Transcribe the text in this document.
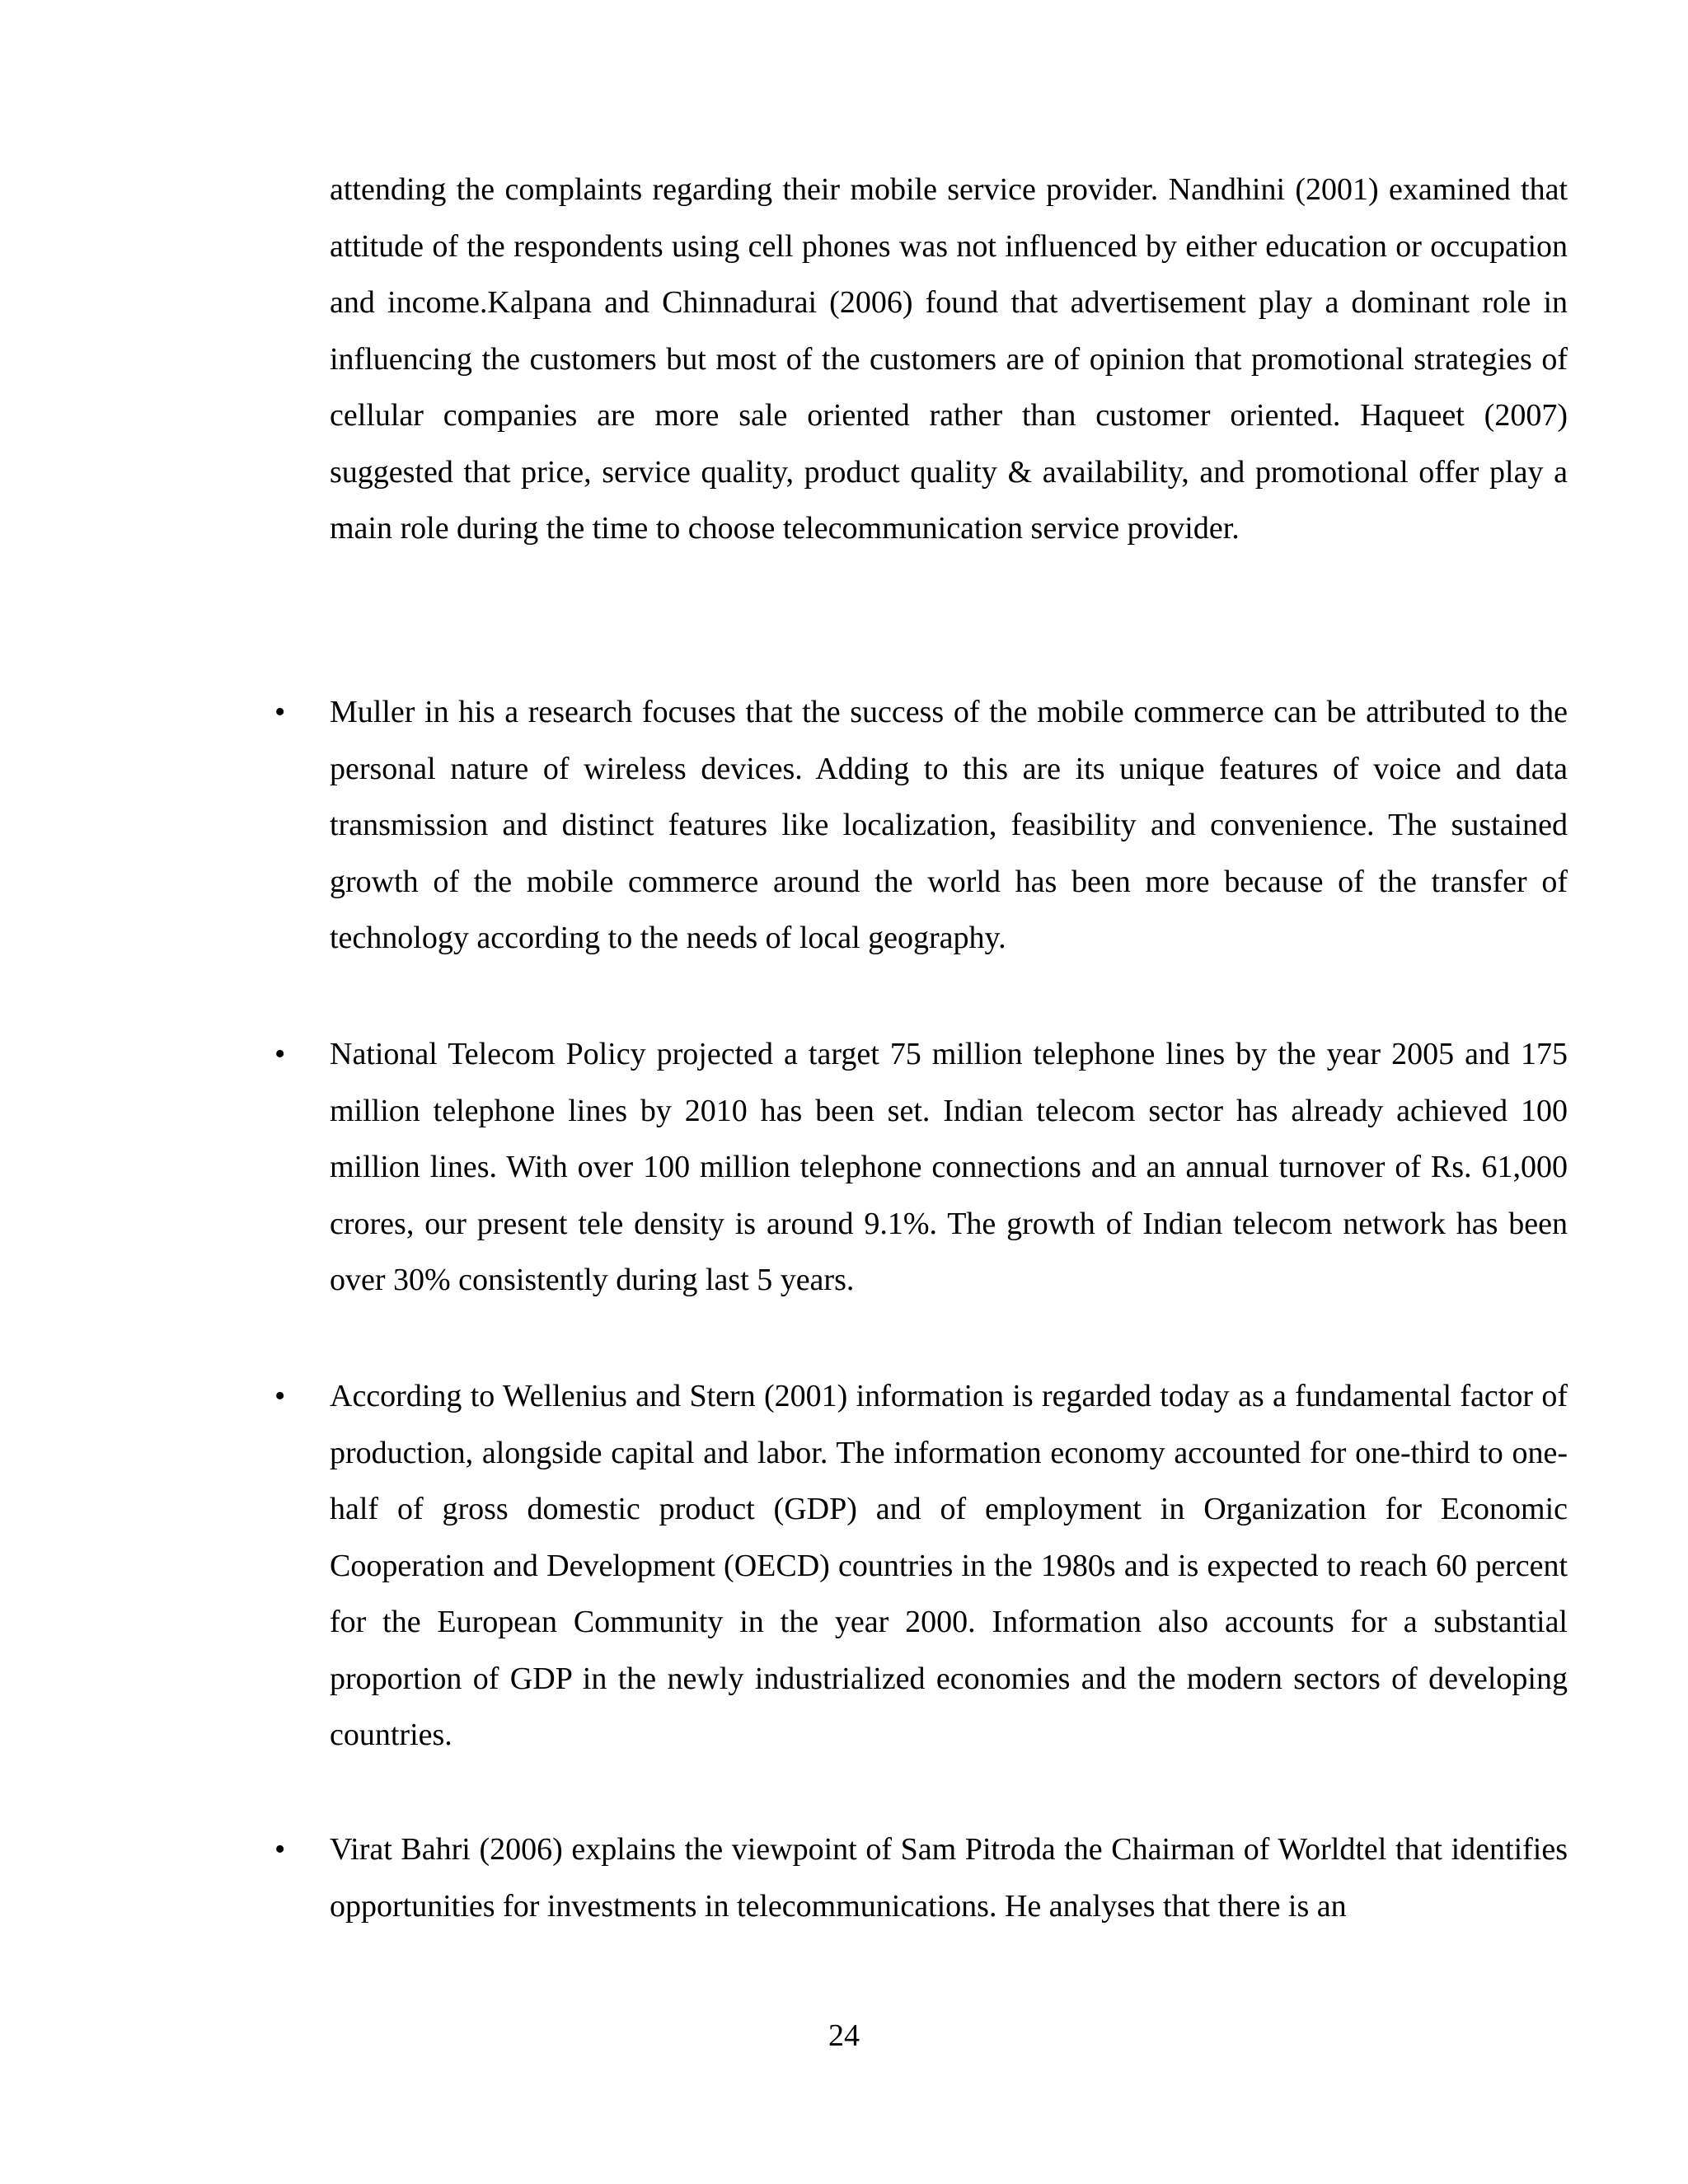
attending the complaints regarding their mobile service provider. Nandhini (2001) examined that attitude of the respondents using cell phones was not influenced by either education or occupation and income.Kalpana and Chinnadurai (2006) found that advertisement play a dominant role in influencing the customers but most of the customers are of opinion that promotional strategies of cellular companies are more sale oriented rather than customer oriented. Haqueet (2007) suggested that price, service quality, product quality & availability, and promotional offer play a main role during the time to choose telecommunication service provider.

• Muller in his a research focuses that the success of the mobile commerce can be attributed to the personal nature of wireless devices. Adding to this are its unique features of voice and data transmission and distinct features like localization, feasibility and convenience. The sustained growth of the mobile commerce around the world has been more because of the transfer of technology according to the needs of local geography.

• National Telecom Policy projected a target 75 million telephone lines by the year 2005 and 175 million telephone lines by 2010 has been set. Indian telecom sector has already achieved 100 million lines. With over 100 million telephone connections and an annual turnover of Rs. 61,000 crores, our present tele density is around 9.1%. The growth of Indian telecom network has been over 30% consistently during last 5 years.

• According to Wellenius and Stern (2001) information is regarded today as a fundamental factor of production, alongside capital and labor. The information economy accounted for one-third to one-half of gross domestic product (GDP) and of employment in Organization for Economic Cooperation and Development (OECD) countries in the 1980s and is expected to reach 60 percent for the European Community in the year 2000. Information also accounts for a substantial proportion of GDP in the newly industrialized economies and the modern sectors of developing countries.

• Virat Bahri (2006) explains the viewpoint of Sam Pitroda the Chairman of Worldtel that identifies opportunities for investments in telecommunications. He analyses that there is an

24
